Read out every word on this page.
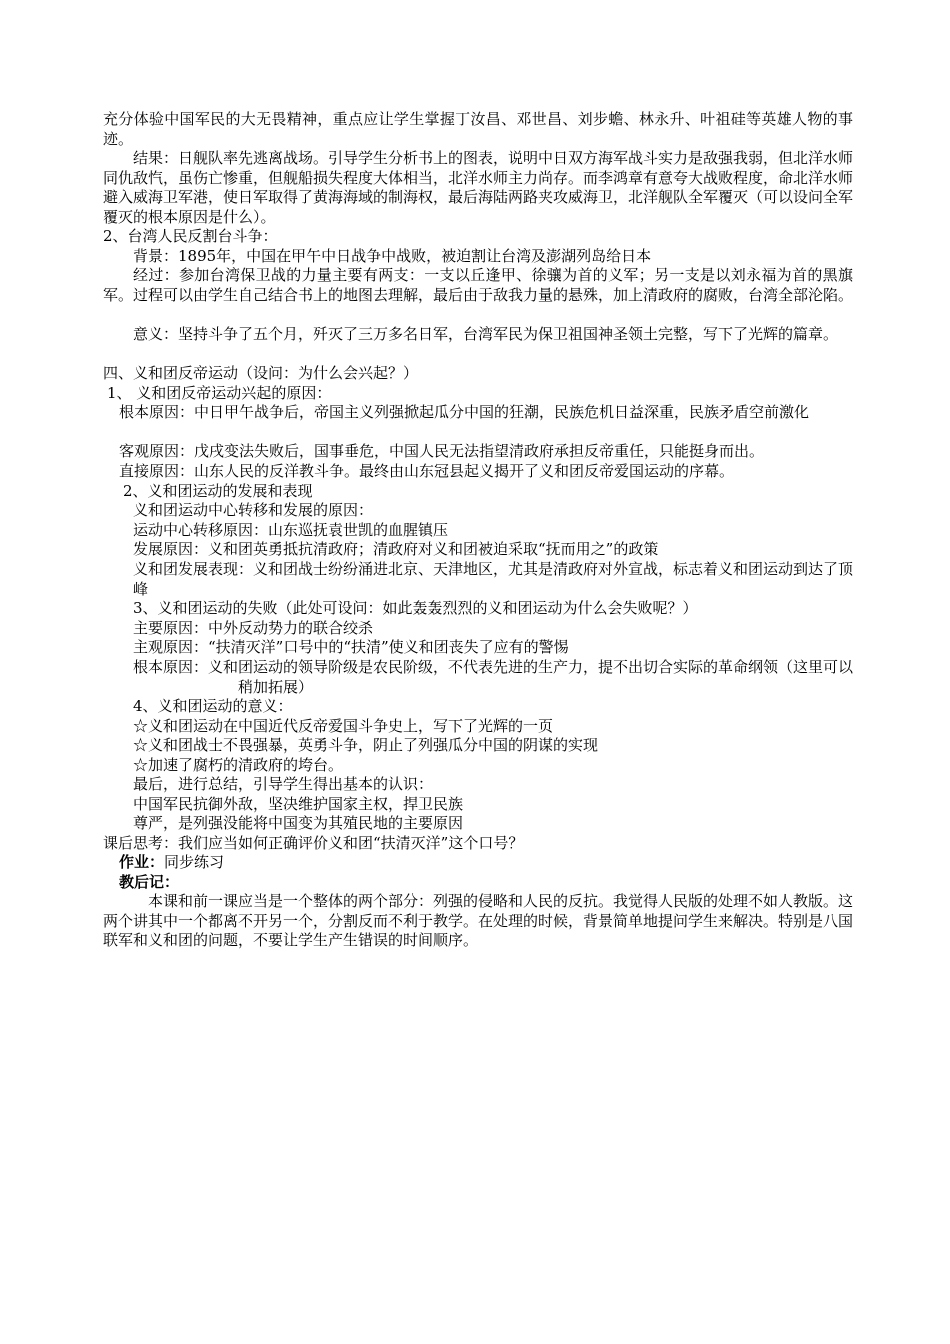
充分体验中国军民的大无畏精神，重点应让学生掌握丁汝昌、邓世昌、刘步蟾、林永升、叶祖硅等英雄人物的事迹。

结果：日舰队率先逃离战场。引导学生分析书上的图表，说明中日双方海军战斗实力是敌强我弱，但北洋水师同仇敌忾，虽伤亡惨重，但舰船损失程度大体相当，北洋水师主力尚存。而李鸿章有意夸大战败程度，命北洋水师避入威海卫军港，使日军取得了黄海海域的制海权，最后海陆两路夹攻威海卫，北洋舰队全军覆灭（可以设问全军覆灭的根本原因是什么）。

2、台湾人民反割台斗争：

背景：1895年，中国在甲午中日战争中战败，被迫割让台湾及澎湖列岛给日本

经过：参加台湾保卫战的力量主要有两支：一支以丘逢甲、徐骧为首的义军；另一支是以刘永福为首的黑旗军。过程可以由学生自己结合书上的地图去理解，最后由于敌我力量的悬殊，加上清政府的腐败，台湾全部沦陷。

意义：坚持斗争了五个月，歼灭了三万多名日军，台湾军民为保卫祖国神圣领土完整，写下了光辉的篇章。

四、义和团反帝运动（设问：为什么会兴起？）

1、 义和团反帝运动兴起的原因：

根本原因：中日甲午战争后，帝国主义列强掀起瓜分中国的狂潮，民族危机日益深重，民族矛盾空前激化

客观原因：戊戌变法失败后，国事垂危，中国人民无法指望清政府承担反帝重任，只能挺身而出。

直接原因：山东人民的反洋教斗争。最终由山东冠县起义揭开了义和团反帝爱国运动的序幕。

2、义和团运动的发展和表现

义和团运动中心转移和发展的原因：

运动中心转移原因：山东巡抚袁世凯的血腥镇压

发展原因：义和团英勇抵抗清政府；清政府对义和团被迫采取“抚而用之”的政策

义和团发展表现：义和团战士纷纷涌进北京、天津地区，尤其是清政府对外宣战，标志着义和团运动到达了顶峰

3、义和团运动的失败（此处可设问：如此轰轰烈烈的义和团运动为什么会失败呢？）

主要原因：中外反动势力的联合绞杀

主观原因：“扶清灭洋”口号中的“扶清”使义和团丧失了应有的警惕

根本原因：义和团运动的领导阶级是农民阶级，不代表先进的生产力，提不出切合实际的革命纲领（这里可以稍加拓展）

4、义和团运动的意义：

☆义和团运动在中国近代反帝爱国斗争史上，写下了光辉的一页

☆义和团战士不畏强暴，英勇斗争，阴止了列强瓜分中国的阴谋的实现

☆加速了腐朽的清政府的垮台。

最后，进行总结，引导学生得出基本的认识：

中国军民抗御外敌，坚决维护国家主权，捍卫民族

尊严，是列强没能将中国变为其殖民地的主要原因

课后思考：我们应当如何正确评价义和团“扶清灭洋”这个口号？

作业：同步练习

教后记：

本课和前一课应当是一个整体的两个部分：列强的侵略和人民的反抗。我觉得人民版的处理不如人教版。这两个讲其中一个都离不开另一个，分割反而不利于教学。在处理的时候，背景简单地提问学生来解决。特别是八国联军和义和团的问题，不要让学生产生错误的时间顺序。
